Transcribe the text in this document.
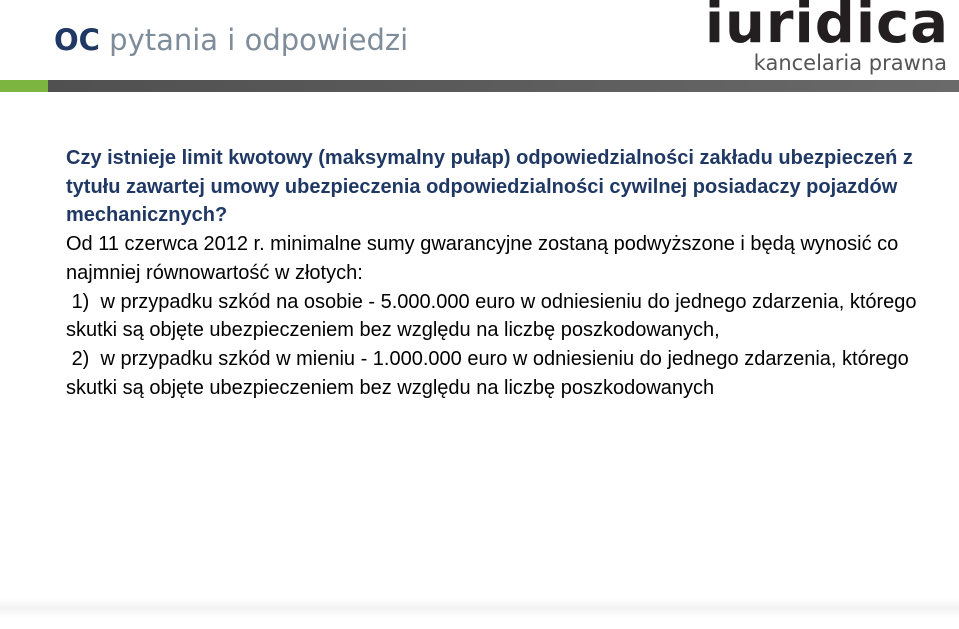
OC pytania i odpowiedzi	iuridica
kancelaria prawna

Czy istnieje limit kwotowy (maksymalny pułap) odpowiedzialności zakładu ubezpieczeń z tytułu zawartej umowy ubezpieczenia odpowiedzialności cywilnej posiadaczy pojazdów mechanicznych?

Od 11 czerwca 2012 r. minimalne sumy gwarancyjne zostaną podwyższone i będą wynosić co najmniej równowartość w złotych:

1)  w przypadku szkód na osobie - 5.000.000 euro w odniesieniu do jednego zdarzenia, którego skutki są objęte ubezpieczeniem bez względu na liczbę poszkodowanych,

2)  w przypadku szkód w mieniu - 1.000.000 euro w odniesieniu do jednego zdarzenia, którego skutki są objęte ubezpieczeniem bez względu na liczbę poszkodowanych
